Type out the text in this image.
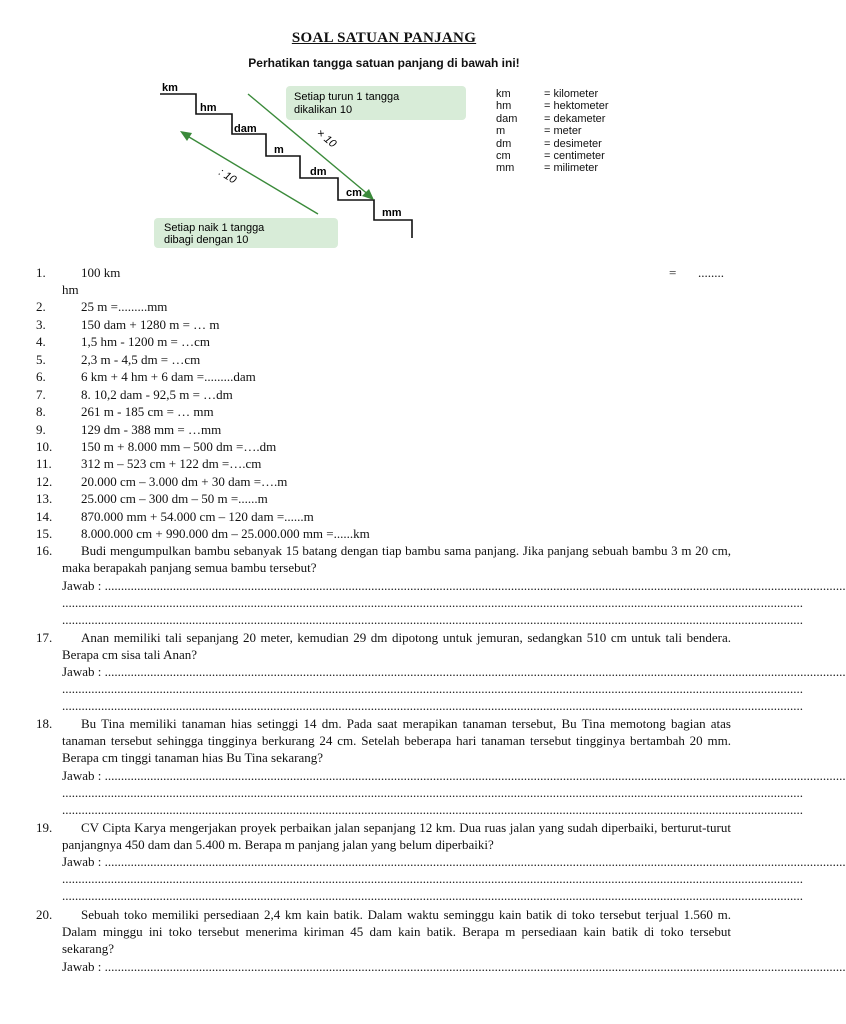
SOAL SATUAN PANJANG
Perhatikan tangga satuan panjang di bawah ini!
km
hm
dam
m
dm
cm
mm
Setiap turun 1 tangga
dikalikan 10
Setiap naik 1 tangga
dibagi dengan 10
× 10
: 10
km	= kilometer
hm	= hektometer
dam	= dekameter
m	= meter
dm	= desimeter
cm	= centimeter
mm	= milimeter
1.	100 km	= ........
hm
2.	25 m =.........mm
3.	150 dam + 1280 m = … m
4.	1,5 hm - 1200 m = …cm
5.	2,3 m - 4,5 dm = …cm
6.	6 km + 4 hm + 6 dam =.........dam
7.	8. 10,2 dam - 92,5 m = …dm
8.	261 m - 185 cm = … mm
9.	129 dm - 388 mm = …mm
10.	150 m + 8.000 mm – 500 dm =….dm
11.	312 m – 523 cm + 122 dm =….cm
12.	20.000 cm – 3.000 dm + 30 dam =….m
13.	25.000 cm – 300 dm – 50 m =......m
14.	870.000 mm + 54.000 cm – 120 dam =......m
15.	8.000.000 cm + 990.000 dm – 25.000.000 mm =......km
16.	Budi mengumpulkan bambu sebanyak 15 batang dengan tiap bambu sama panjang. Jika panjang sebuah bambu 3 m 20 cm, maka berapakah panjang semua bambu tersebut?
Jawab : ....................................................................................................................................................................................................................................
....................................................................................................................................................................................................................................
....................................................................................................................................................................................................................................
17.	Anan memiliki tali sepanjang 20 meter, kemudian 29 dm dipotong untuk jemuran, sedangkan 510 cm untuk tali bendera. Berapa cm sisa tali Anan?
Jawab : ....................................................................................................................................................................................................................................
....................................................................................................................................................................................................................................
....................................................................................................................................................................................................................................
18.	Bu Tina memiliki tanaman hias setinggi 14 dm. Pada saat merapikan tanaman tersebut, Bu Tina memotong bagian atas tanaman tersebut sehingga tingginya berkurang 24 cm. Setelah beberapa hari tanaman tersebut tingginya bertambah 20 mm. Berapa cm tinggi tanaman hias Bu Tina sekarang?
Jawab : ....................................................................................................................................................................................................................................
....................................................................................................................................................................................................................................
....................................................................................................................................................................................................................................
19.	CV Cipta Karya mengerjakan proyek perbaikan jalan sepanjang 12 km. Dua ruas jalan yang sudah diperbaiki, berturut-turut panjangnya 450 dam dan 5.400 m. Berapa m panjang jalan yang belum diperbaiki?
Jawab : ....................................................................................................................................................................................................................................
....................................................................................................................................................................................................................................
....................................................................................................................................................................................................................................
20.	Sebuah toko memiliki persediaan 2,4 km kain batik. Dalam waktu seminggu kain batik di toko tersebut terjual 1.560 m. Dalam minggu ini toko tersebut menerima kiriman 45 dam kain batik. Berapa m persediaan kain batik di toko tersebut sekarang?
Jawab : ....................................................................................................................................................................................................................................
